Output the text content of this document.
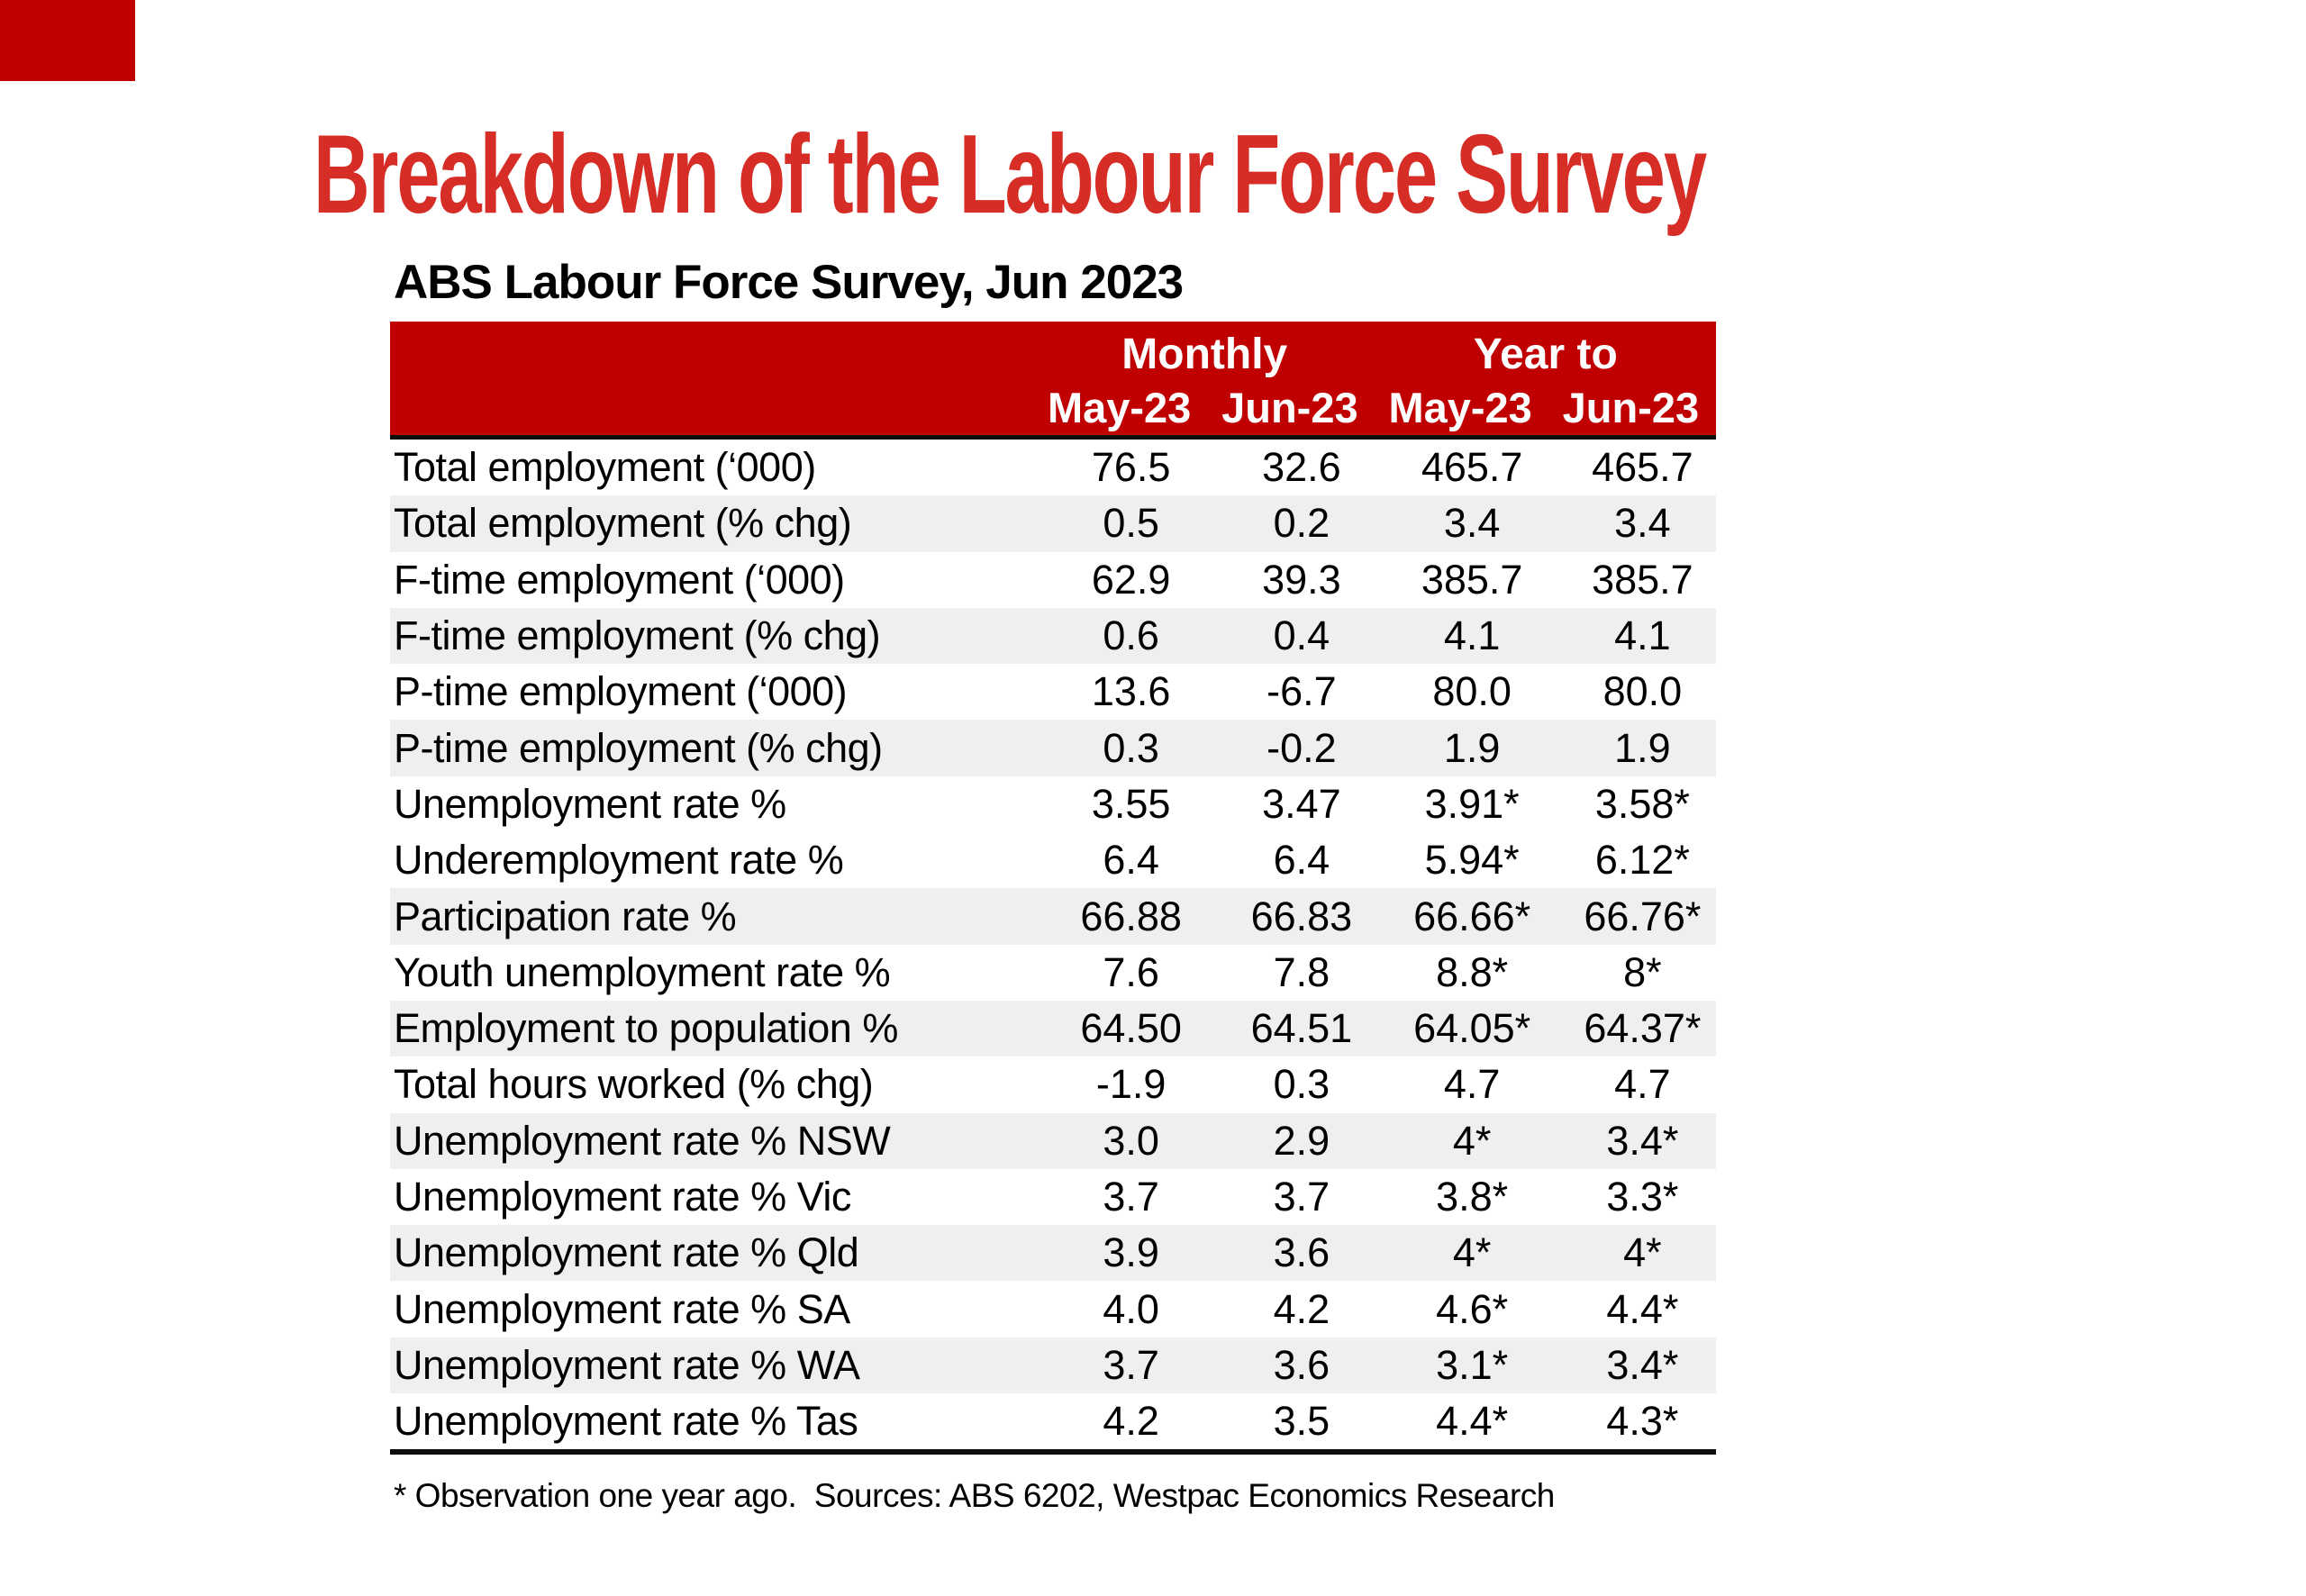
Breakdown of the Labour Force Survey
ABS Labour Force Survey, Jun 2023
Monthly	Year to
May-23 Jun-23 May-23 Jun-23
Total employment (‘000)	76.5	32.6	465.7	465.7
Total employment (% chg)	0.5	0.2	3.4	3.4
F-time employment (‘000)	62.9	39.3	385.7	385.7
F-time employment (% chg)	0.6	0.4	4.1	4.1
P-time employment (‘000)	13.6	-6.7	80.0	80.0
P-time employment (% chg)	0.3	-0.2	1.9	1.9
Unemployment rate %	3.55	3.47	3.91*	3.58*
Underemployment rate %	6.4	6.4	5.94*	6.12*
Participation rate %	66.88	66.83	66.66*	66.76*
Youth unemployment rate %	7.6	7.8	8.8*	8*
Employment to population %	64.50	64.51	64.05*	64.37*
Total hours worked (% chg)	-1.9	0.3	4.7	4.7
Unemployment rate % NSW	3.0	2.9	4*	3.4*
Unemployment rate % Vic	3.7	3.7	3.8*	3.3*
Unemployment rate % Qld	3.9	3.6	4*	4*
Unemployment rate % SA	4.0	4.2	4.6*	4.4*
Unemployment rate % WA	3.7	3.6	3.1*	3.4*
Unemployment rate % Tas	4.2	3.5	4.4*	4.3*
* Observation one year ago.  Sources: ABS 6202, Westpac Economics Research
